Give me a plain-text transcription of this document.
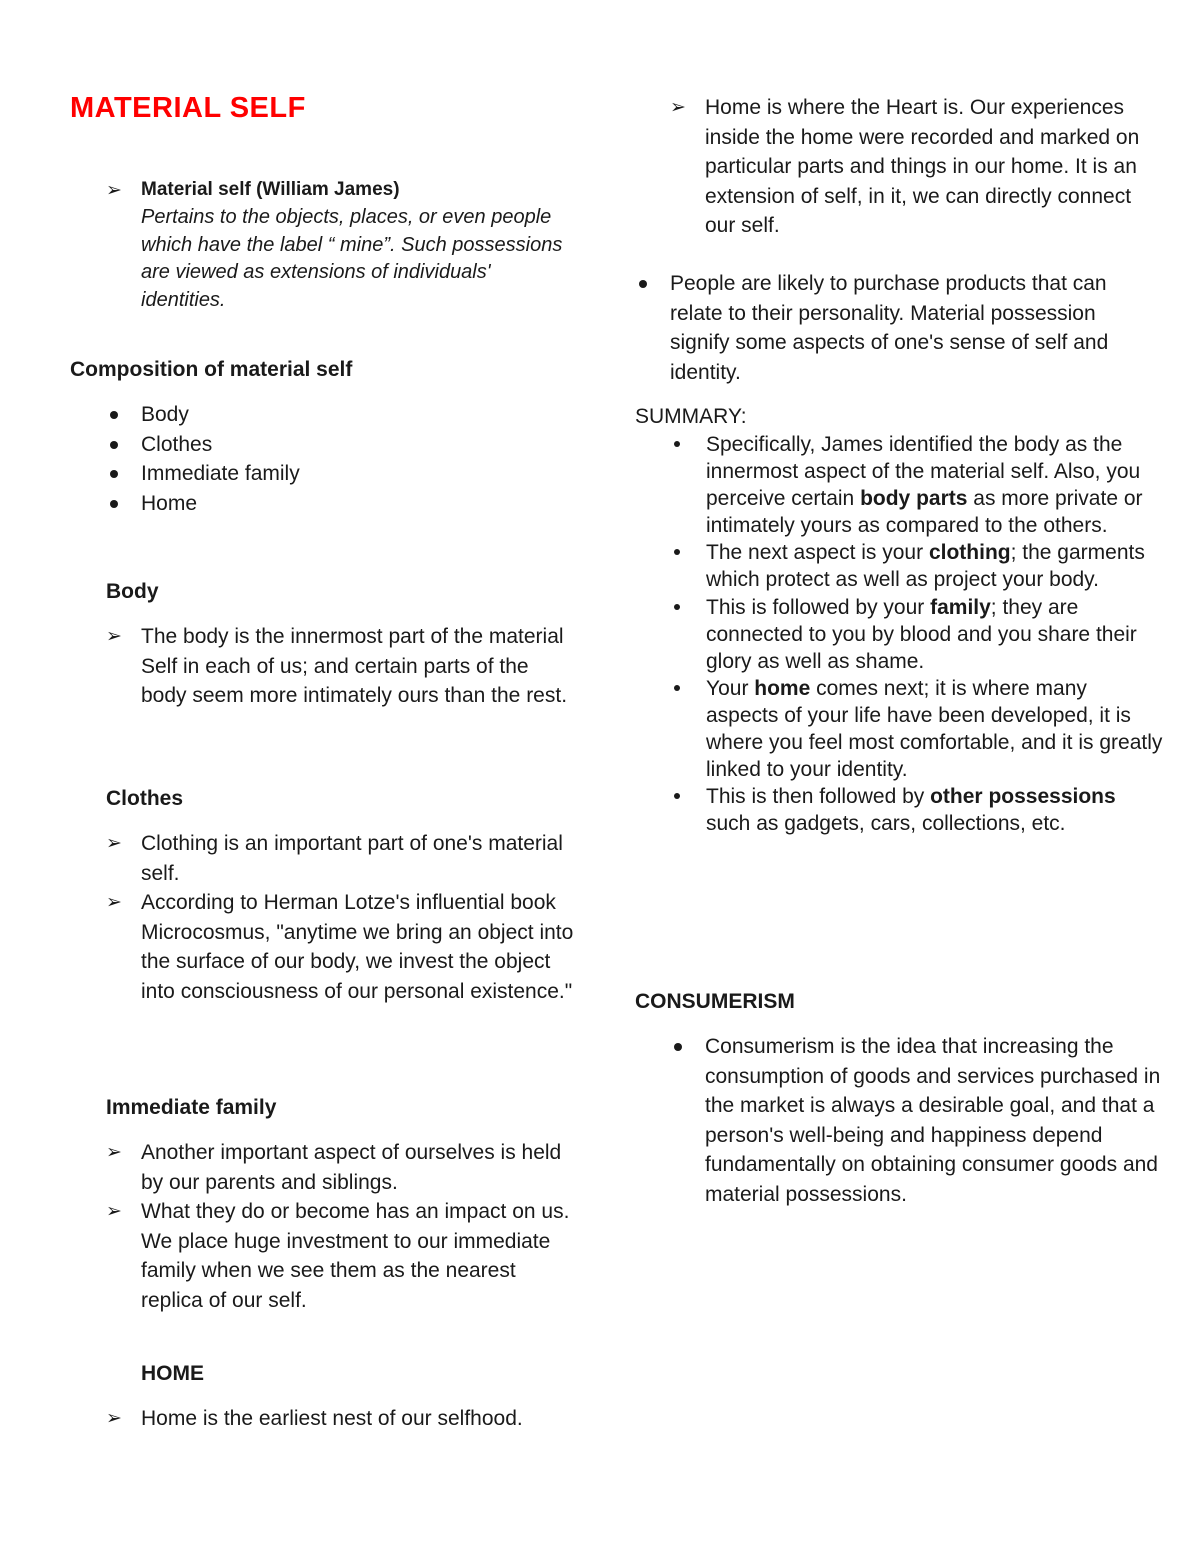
MATERIAL SELF
➢ Material self (William James)

Pertains to the objects, places, or even people which have the label “ mine”. Such possessions are viewed as extensions of individuals' identities.

Composition of material self

Body
Clothes
Immediate family
Home

Body

➢ The body is the innermost part of the material Self in each of us; and certain parts of the body seem more intimately ours than the rest.

Clothes

➢ Clothing is an important part of one's material self.
➢ According to Herman Lotze's influential book Microcosmus, "anytime we bring an object into the surface of our body, we invest the object into consciousness of our personal existence."

Immediate family

➢ Another important aspect of ourselves is held by our parents and siblings.
➢ What they do or become has an impact on us. We place huge investment to our immediate family when we see them as the nearest replica of our self.

HOME

➢ Home is the earliest nest of our selfhood.
➢ Home is where the Heart is. Our experiences inside the home were recorded and marked on particular parts and things in our home. It is an extension of self, in it, we can directly connect our self.
People are likely to purchase products that can relate to their personality. Material possession signify some aspects of one's sense of self and identity.

SUMMARY:

Specifically, James identified the body as the innermost aspect of the material self. Also, you perceive certain body parts as more private or intimately yours as compared to the others.
The next aspect is your clothing; the garments which protect as well as project your body.
This is followed by your family; they are connected to you by blood and you share their glory as well as shame.
Your home comes next; it is where many aspects of your life have been developed, it is where you feel most comfortable, and it is greatly linked to your identity.
This is then followed by other possessions such as gadgets, cars, collections, etc.

CONSUMERISM

Consumerism is the idea that increasing the consumption of goods and services purchased in the market is always a desirable goal, and that a person's well-being and happiness depend fundamentally on obtaining consumer goods and material possessions.
